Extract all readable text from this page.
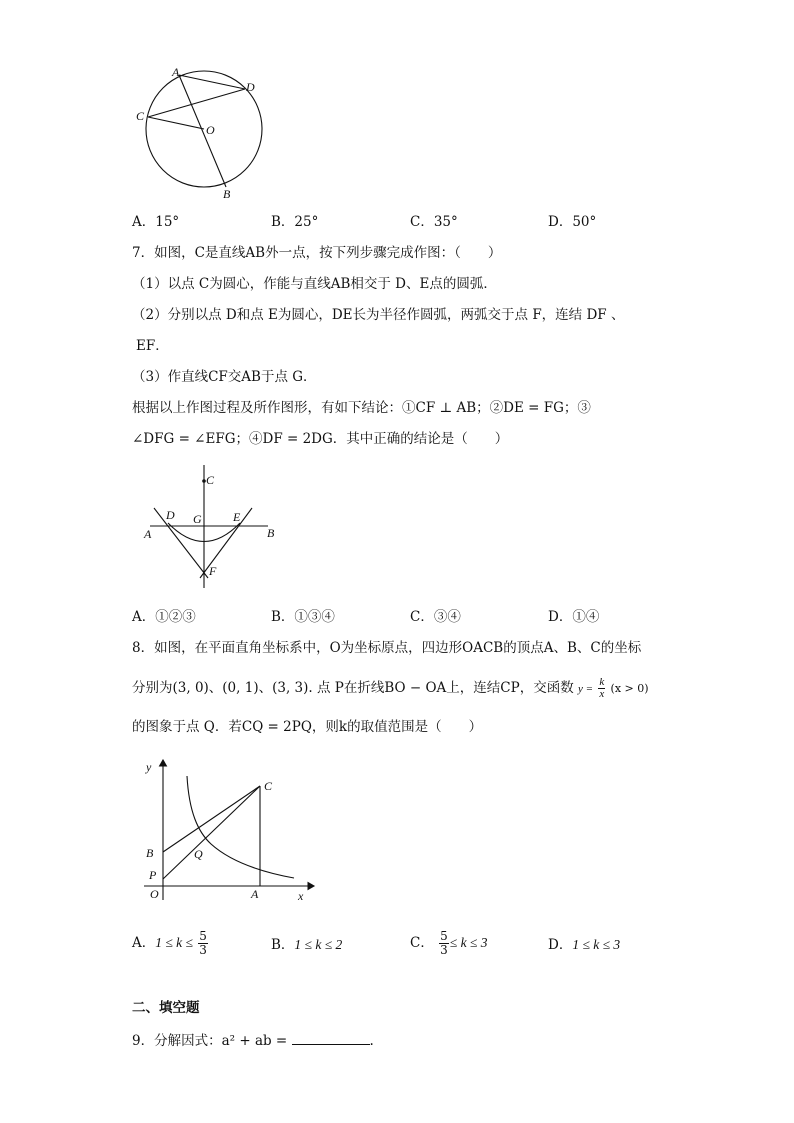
A
D
C
O
B
A．15°	B．25°	C．35°	D．50°
7．如图，C是直线AB外一点，按下列步骤完成作图：（　　）
（1）以点 C为圆心，作能与直线AB相交于 D、E点的圆弧．
（2）分别以点 D和点 E为圆心，DE长为半径作圆弧，两弧交于点 F，连结 DF 、
EF．
（3）作直线CF交AB于点 G．
根据以上作图过程及所作图形，有如下结论：①CF ⊥ AB；②DE = FG；③
∠DFG = ∠EFG；④DF = 2DG．其中正确的结论是（　　）
C
D G	E
A	B
F
A．①②③	B．①③④	C．③④	D．①④
8．如图，在平面直角坐标系中，O为坐标原点，四边形OACB的顶点A、B、C的坐标
分别为(3, 0)、(0, 1)、(3, 3). 点 P在折线BO − OA上，连结CP，交函数 $y = \frac{k}{x} (x > 0)$
的图象于点 Q．若CQ = 2PQ，则k的取值范围是（　　）
y
C
B	Q
P
O	A	x
A．$1 \le k \le \frac{5}{3}$	B．1 ≤ k ≤ 2	C． $\frac{5}{3} \le k \le 3$	D．1 ≤ k ≤ 3
二、填空题
9．分解因式：a² + ab =	.
